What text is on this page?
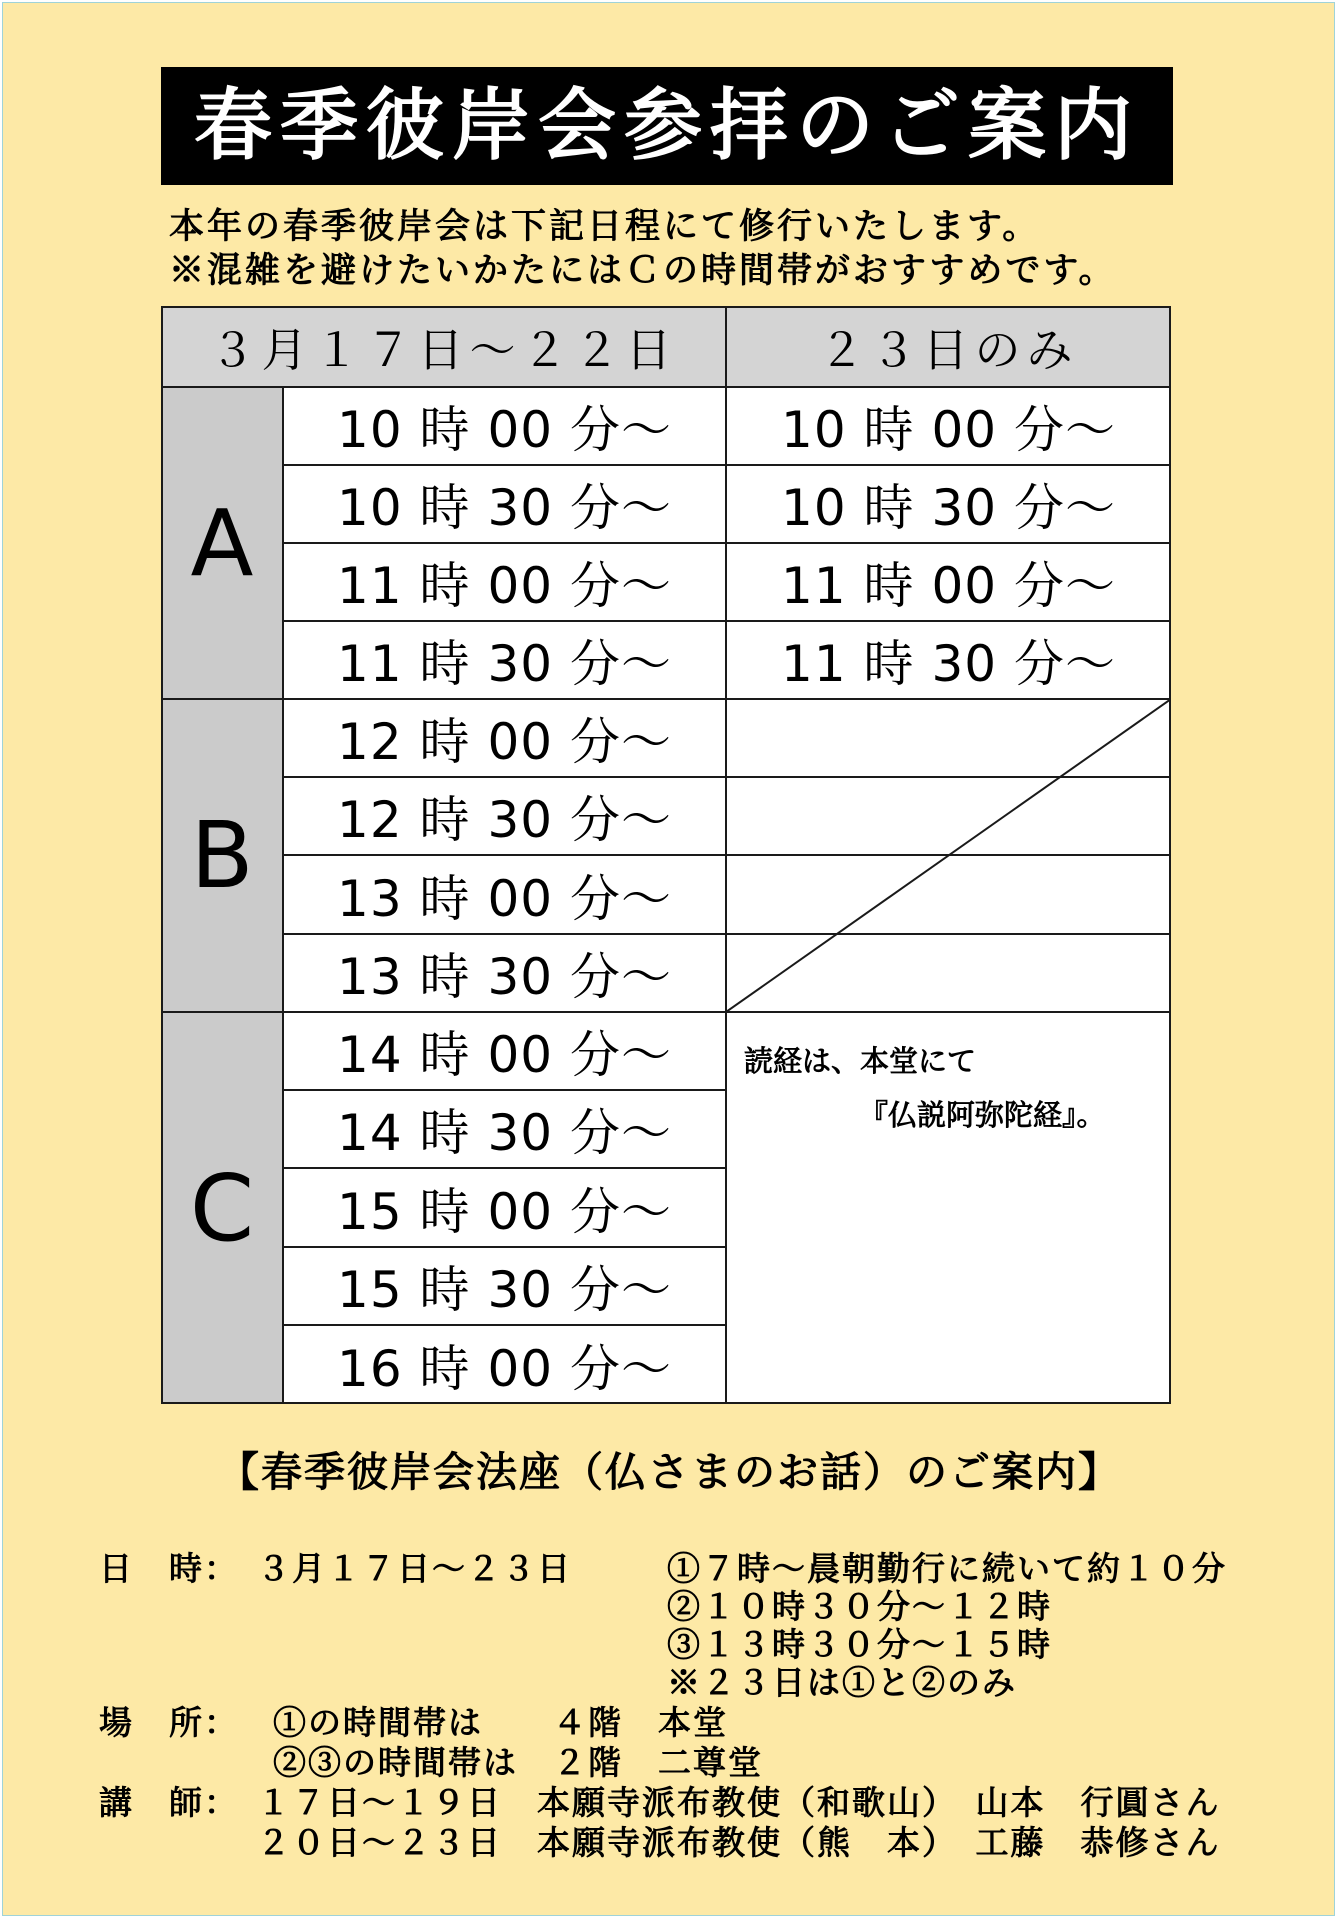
春季彼岸会参拝のご案内
本年の春季彼岸会は下記日程にて修行いたします。
※混雑を避けたいかたにはＣの時間帯がおすすめです。
３月１７日～２２日	２３日のみ
A
B
C
10 時 00 分～
10 時 30 分～
11 時 00 分～
11 時 30 分～
12 時 00 分～
12 時 30 分～
13 時 00 分～
13 時 30 分～
14 時 00 分～
14 時 30 分～
15 時 00 分～
15 時 30 分～
16 時 00 分～
10 時 00 分～
10 時 30 分～
11 時 00 分～
11 時 30 分～
読経は、本堂にて
『仏説阿弥陀経』。
【春季彼岸会法座（仏さまのお話）のご案内】
日　時： ３月１７日～２３日	①７時～晨朝勤行に続いて約１０分
②１０時３０分～１２時
③１３時３０分～１５時
※２３日は①と②のみ
場　所： ①の時間帯は　　４階　本堂
②③の時間帯は　２階　二尊堂
講　師： １７日～１９日　本願寺派布教使（和歌山）　山本　行圓さん
２０日～２３日　本願寺派布教使（熊　本）　工藤　恭修さん
